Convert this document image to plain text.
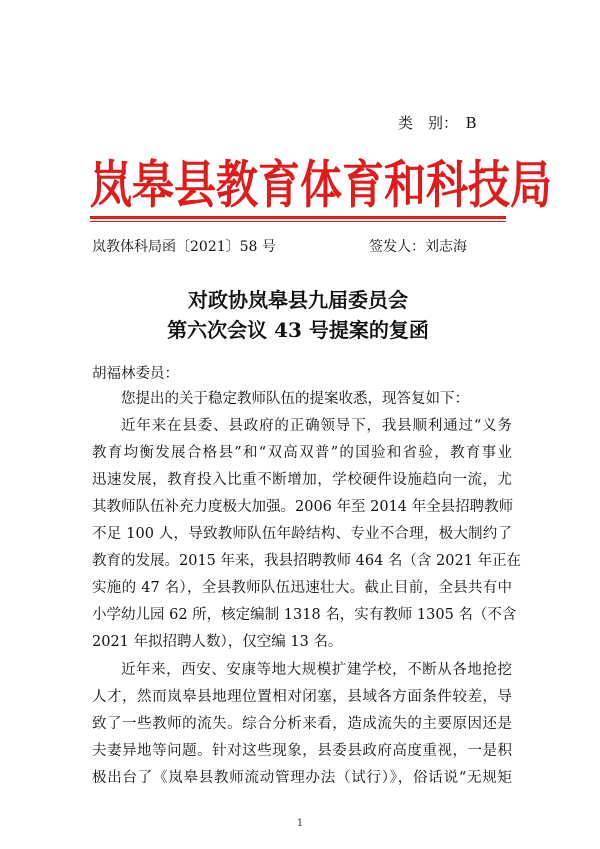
类　别：　B
岚皋县教育体育和科技局
岚教体科局函〔2021〕58 号	签发人：刘志海
对政协岚皋县九届委员会
第六次会议 43 号提案的复函
胡福林委员：
您提出的关于稳定教师队伍的提案收悉，现答复如下：
近年来在县委、县政府的正确领导下，我县顺利通过“义务
教育均衡发展合格县”和“双高双普”的国验和省验，教育事业
迅速发展，教育投入比重不断增加，学校硬件设施趋向一流，尤
其教师队伍补充力度极大加强。2006 年至 2014 年全县招聘教师
不足 100 人，导致教师队伍年龄结构、专业不合理，极大制约了
教育的发展。2015 年来，我县招聘教师 464 名（含 2021 年正在
实施的 47 名），全县教师队伍迅速壮大。截止目前，全县共有中
小学幼儿园 62 所，核定编制 1318 名，实有教师 1305 名（不含
2021 年拟招聘人数），仅空编 13 名。
近年来，西安、安康等地大规模扩建学校，不断从各地抢挖
人才，然而岚皋县地理位置相对闭塞，县域各方面条件较差，导
致了一些教师的流失。综合分析来看，造成流失的主要原因还是
夫妻异地等问题。针对这些现象，县委县政府高度重视，一是积
极出台了《岚皋县教师流动管理办法（试行）》，俗话说“无规矩
1
